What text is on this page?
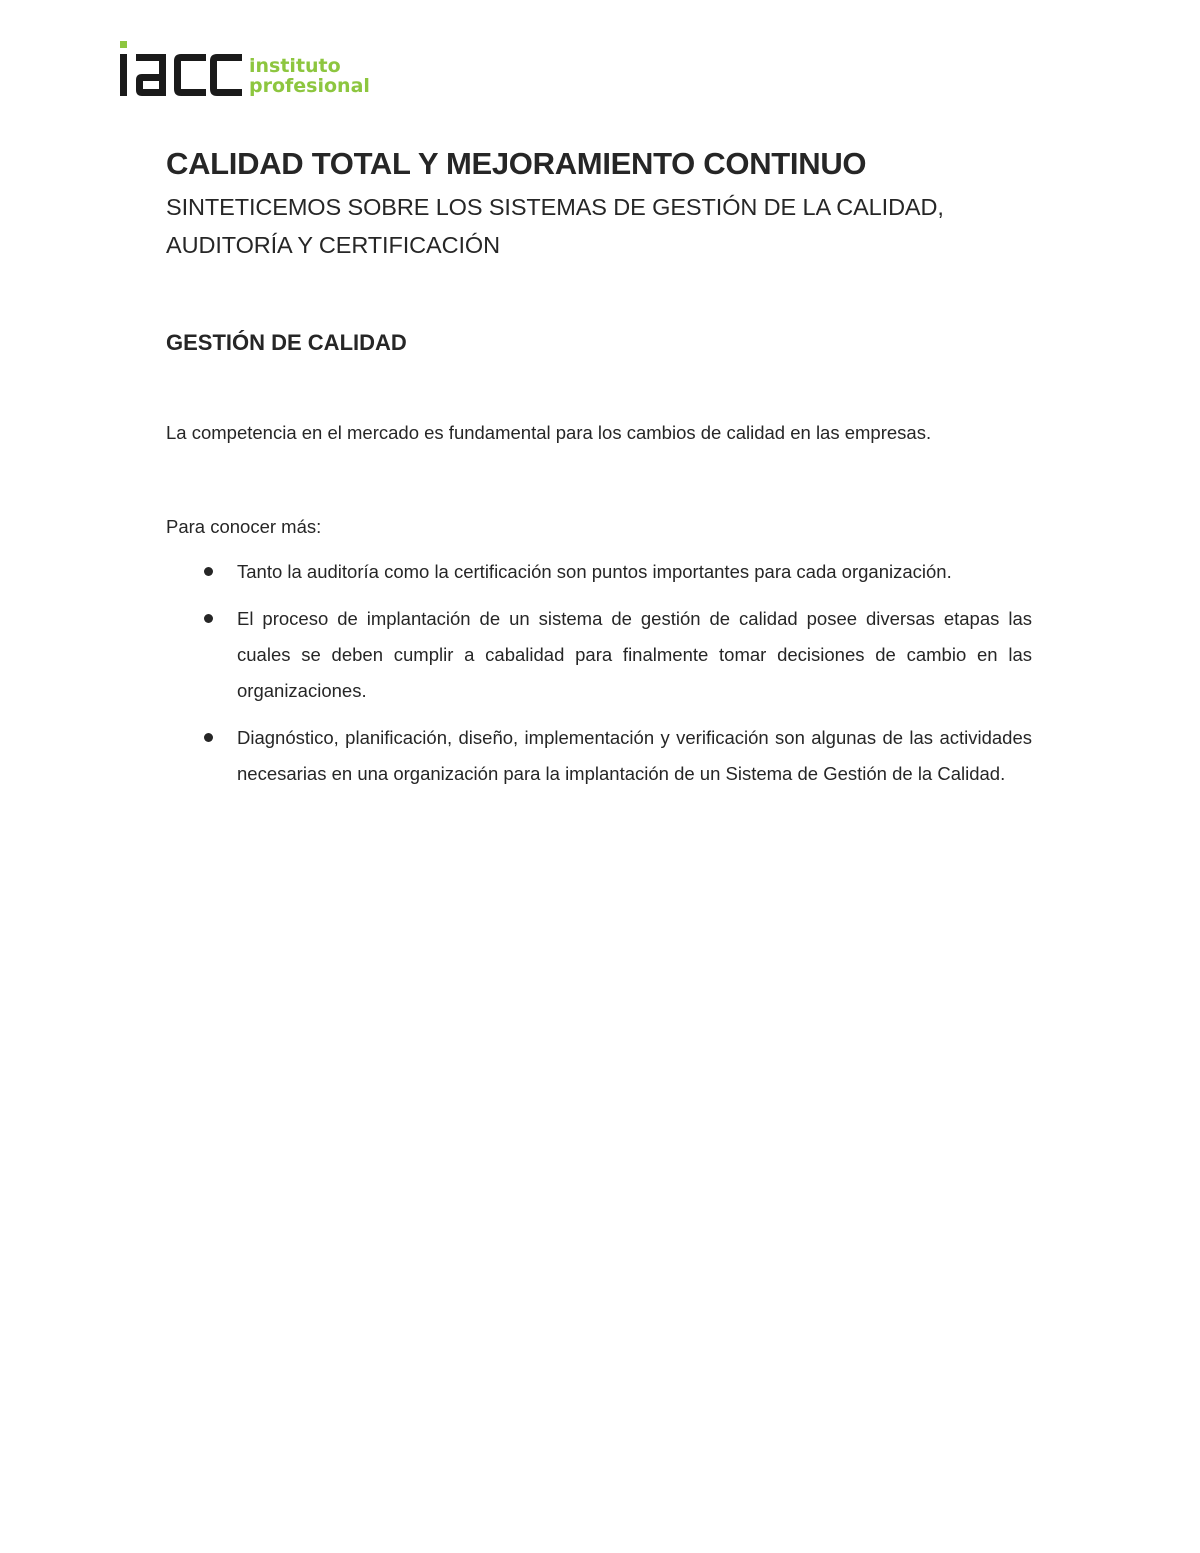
instituto
profesional
CALIDAD TOTAL Y MEJORAMIENTO CONTINUO
SINTETICEMOS SOBRE LOS SISTEMAS DE GESTIÓN DE LA CALIDAD,
AUDITORÍA Y CERTIFICACIÓN
GESTIÓN DE CALIDAD

La competencia en el mercado es fundamental para los cambios de calidad en las empresas.

Para conocer más:

Tanto la auditoría como la certificación son puntos importantes para cada organización.
El proceso de implantación de un sistema de gestión de calidad posee diversas etapas las cuales se deben cumplir a cabalidad para finalmente tomar decisiones de cambio en las organizaciones.
Diagnóstico, planificación, diseño, implementación y verificación son algunas de las actividades necesarias en una organización para la implantación de un Sistema de Gestión de la Calidad.
